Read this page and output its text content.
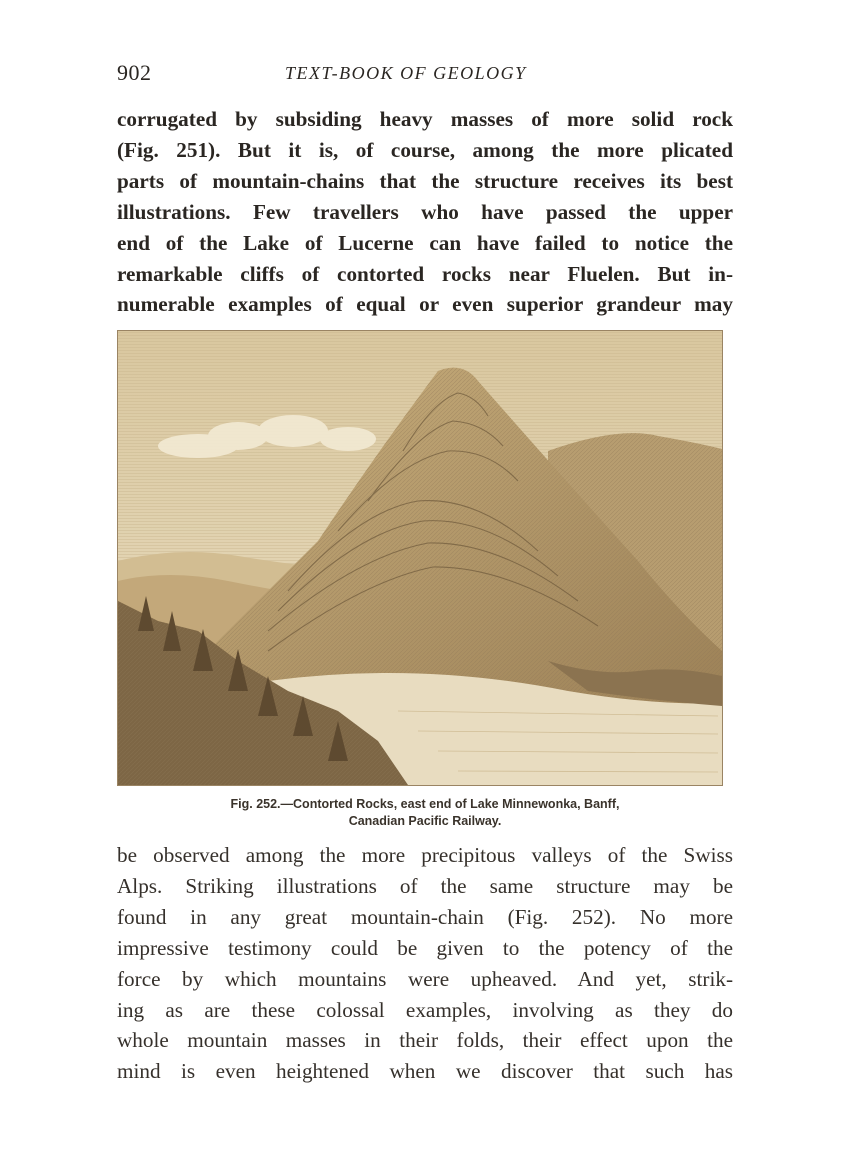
902	TEXT-BOOK OF GEOLOGY

corrugated by subsiding heavy masses of more solid rock
(Fig. 251). But it is, of course, among the more plicated
parts of mountain-chains that the structure receives its best
illustrations. Few travellers who have passed the upper
end of the Lake of Lucerne can have failed to notice the
remarkable cliffs of contorted rocks near Fluelen. But in-
numerable examples of equal or even superior grandeur may

Fig. 252.—Contorted Rocks, east end of Lake Minnewonka, Banff,
Canadian Pacific Railway.

be observed among the more precipitous valleys of the Swiss
Alps. Striking illustrations of the same structure may be
found in any great mountain-chain (Fig. 252). No more
impressive testimony could be given to the potency of the
force by which mountains were upheaved. And yet, strik-
ing as are these colossal examples, involving as they do
whole mountain masses in their folds, their effect upon the
mind is even heightened when we discover that such has
